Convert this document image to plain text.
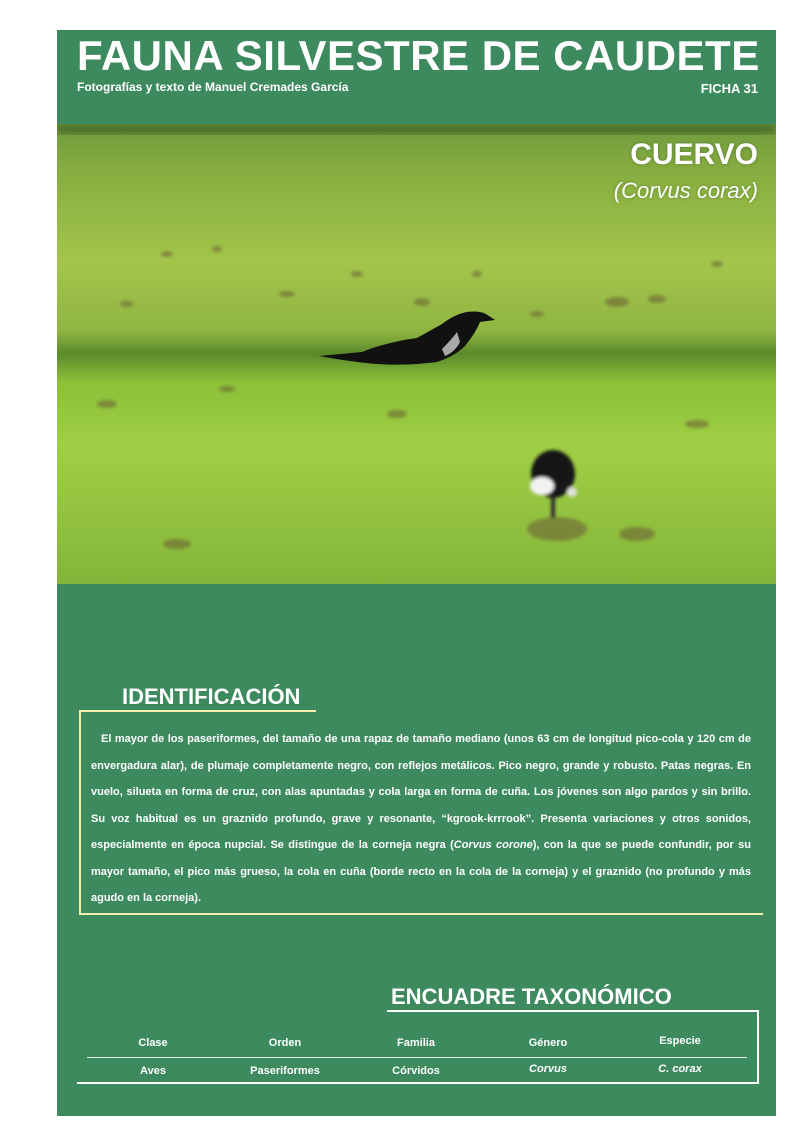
FAUNA SILVESTRE DE CAUDETE
Fotografías y texto de Manuel Cremades García	FICHA 31
CUERVO
(Corvus corax)
IDENTIFICACIÓN
El mayor de los paseriformes, del tamaño de una rapaz de tamaño mediano (unos 63 cm de longitud pico-cola y 120 cm de envergadura alar), de plumaje completamente negro, con reflejos metálicos. Pico negro, grande y robusto. Patas negras. En vuelo, silueta en forma de cruz, con alas apuntadas y cola larga en forma de cuña. Los jóvenes son algo pardos y sin brillo. Su voz habitual es un graznido profundo, grave y resonante, “kgrook-krrrook”. Presenta variaciones y otros sonidos, especialmente en época nupcial. Se distingue de la corneja negra (Corvus corone), con la que se puede confundir, por su mayor tamaño, el pico más grueso, la cola en cuña (borde recto en la cola de la corneja) y el graznido (no profundo y más agudo en la corneja).
ENCUADRE TAXONÓMICO
Clase	Orden	Familia	Género	Especie
Aves	Paseriformes	Córvidos	Corvus	C. corax
